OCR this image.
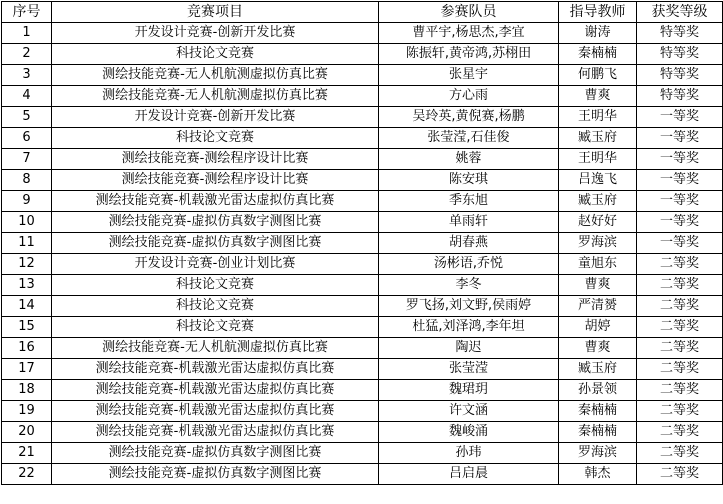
序号	竞赛项目	参赛队员	指导教师	获奖等级
1	开发设计竞赛-创新开发比赛	曹平宇,杨思杰,李宜	谢涛	特等奖
2	科技论文竞赛	陈振轩,黄帝鸿,苏栩田	秦楠楠	特等奖
3	测绘技能竞赛-无人机航测虚拟仿真比赛	张星宇	何鹏飞	特等奖
4	测绘技能竞赛-无人机航测虚拟仿真比赛	方心雨	曹爽	特等奖
5	开发设计竞赛-创新开发比赛	吴玲英,黄倪赛,杨鹏	王明华	一等奖
6	科技论文竞赛	张莹滢,石佳俊	臧玉府	一等奖
7	测绘技能竞赛-测绘程序设计比赛	姚蓉	王明华	一等奖
8	测绘技能竞赛-测绘程序设计比赛	陈安琪	吕逸飞	一等奖
9	测绘技能竞赛-机载激光雷达虚拟仿真比赛	季东旭	臧玉府	一等奖
10	测绘技能竞赛-虚拟仿真数字测图比赛	单雨轩	赵好好	一等奖
11	测绘技能竞赛-虚拟仿真数字测图比赛	胡春燕	罗海滨	一等奖
12	开发设计竞赛-创业计划比赛	汤彬语,乔悦	童旭东	二等奖
13	科技论文竞赛	李冬	曹爽	二等奖
14	科技论文竞赛	罗飞扬,刘文野,侯雨婷	严清赟	二等奖
15	科技论文竞赛	杜猛,刘泽鸿,李年坦	胡婷	二等奖
16	测绘技能竞赛-无人机航测虚拟仿真比赛	陶迟	曹爽	二等奖
17	测绘技能竞赛-机载激光雷达虚拟仿真比赛	张莹滢	臧玉府	二等奖
18	测绘技能竞赛-机载激光雷达虚拟仿真比赛	魏珺玥	孙景领	二等奖
19	测绘技能竞赛-机载激光雷达虚拟仿真比赛	许文涵	秦楠楠	二等奖
20	测绘技能竞赛-机载激光雷达虚拟仿真比赛	魏峻涌	秦楠楠	二等奖
21	测绘技能竞赛-虚拟仿真数字测图比赛	孙玮	罗海滨	二等奖
22	测绘技能竞赛-虚拟仿真数字测图比赛	吕启晨	韩杰	二等奖
